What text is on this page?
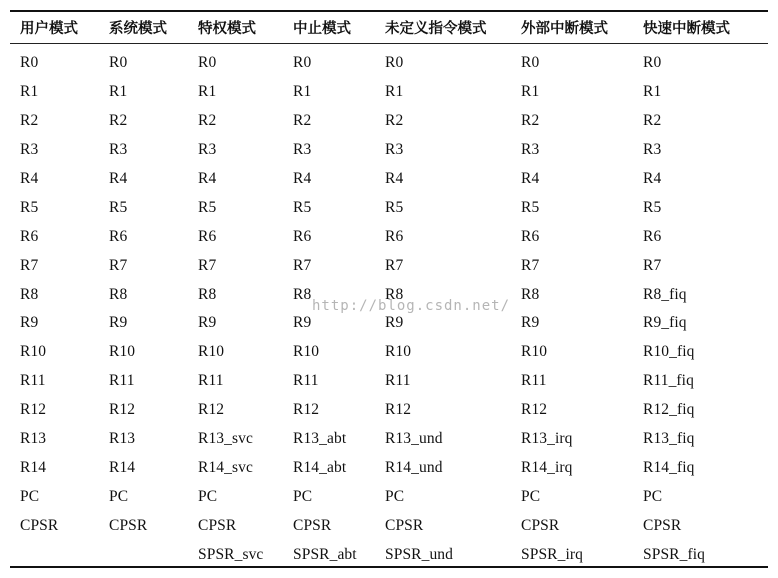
用户模式	系统模式	特权模式	中止模式	未定义指令模式	外部中断模式	快速中断模式
R0	R0	R0	R0	R0	R0	R0
R1	R1	R1	R1	R1	R1	R1
R2	R2	R2	R2	R2	R2	R2
R3	R3	R3	R3	R3	R3	R3
R4	R4	R4	R4	R4	R4	R4
R5	R5	R5	R5	R5	R5	R5
R6	R6	R6	R6	R6	R6	R6
R7	R7	R7	R7	R7	R7	R7
R8	R8	R8	R8	R8	R8	R8_fiq
R9	R9	R9	R9	R9	R9	R9_fiq
R10	R10	R10	R10	R10	R10	R10_fiq
R11	R11	R11	R11	R11	R11	R11_fiq
R12	R12	R12	R12	R12	R12	R12_fiq
R13	R13	R13_svc	R13_abt	R13_und	R13_irq	R13_fiq
R14	R14	R14_svc	R14_abt	R14_und	R14_irq	R14_fiq
PC	PC	PC	PC	PC	PC	PC
CPSR	CPSR	CPSR	CPSR	CPSR	CPSR	CPSR
		SPSR_svc	SPSR_abt	SPSR_und	SPSR_irq	SPSR_fiq
http://blog.csdn.net/
